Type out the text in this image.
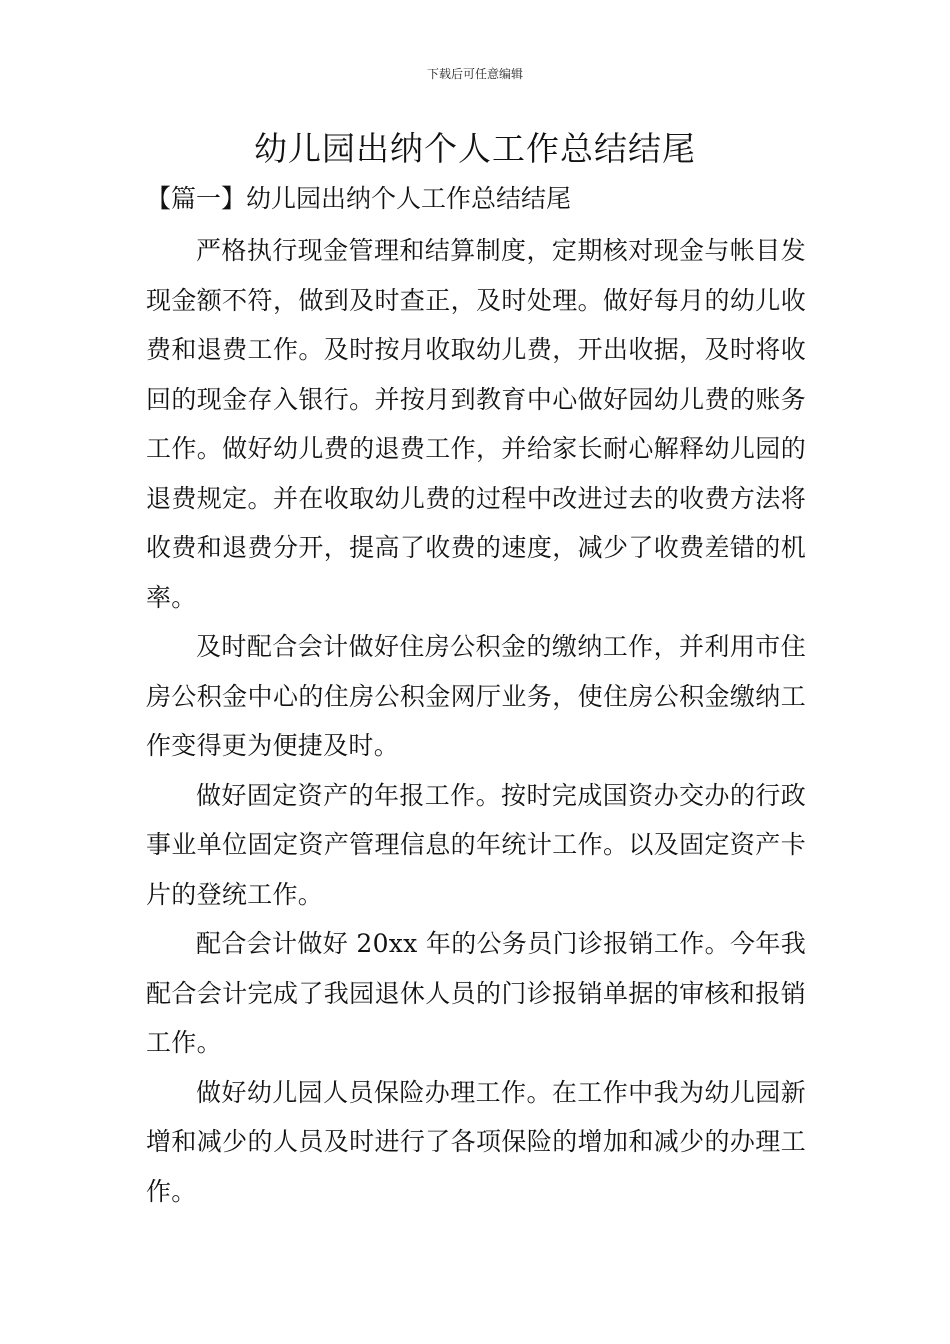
下载后可任意编辑
幼儿园出纳个人工作总结结尾
【篇一】幼儿园出纳个人工作总结结尾

严格执行现金管理和结算制度，定期核对现金与帐目发现金额不符，做到及时查正，及时处理。做好每月的幼儿收费和退费工作。及时按月收取幼儿费，开出收据，及时将收回的现金存入银行。并按月到教育中心做好园幼儿费的账务工作。做好幼儿费的退费工作，并给家长耐心解释幼儿园的退费规定。并在收取幼儿费的过程中改进过去的收费方法将收费和退费分开，提高了收费的速度，减少了收费差错的机率。

及时配合会计做好住房公积金的缴纳工作，并利用市住房公积金中心的住房公积金网厅业务，使住房公积金缴纳工作变得更为便捷及时。

做好固定资产的年报工作。按时完成国资办交办的行政事业单位固定资产管理信息的年统计工作。以及固定资产卡片的登统工作。

配合会计做好 20xx 年的公务员门诊报销工作。今年我配合会计完成了我园退休人员的门诊报销单据的审核和报销工作。

做好幼儿园人员保险办理工作。在工作中我为幼儿园新增和减少的人员及时进行了各项保险的增加和减少的办理工作。
